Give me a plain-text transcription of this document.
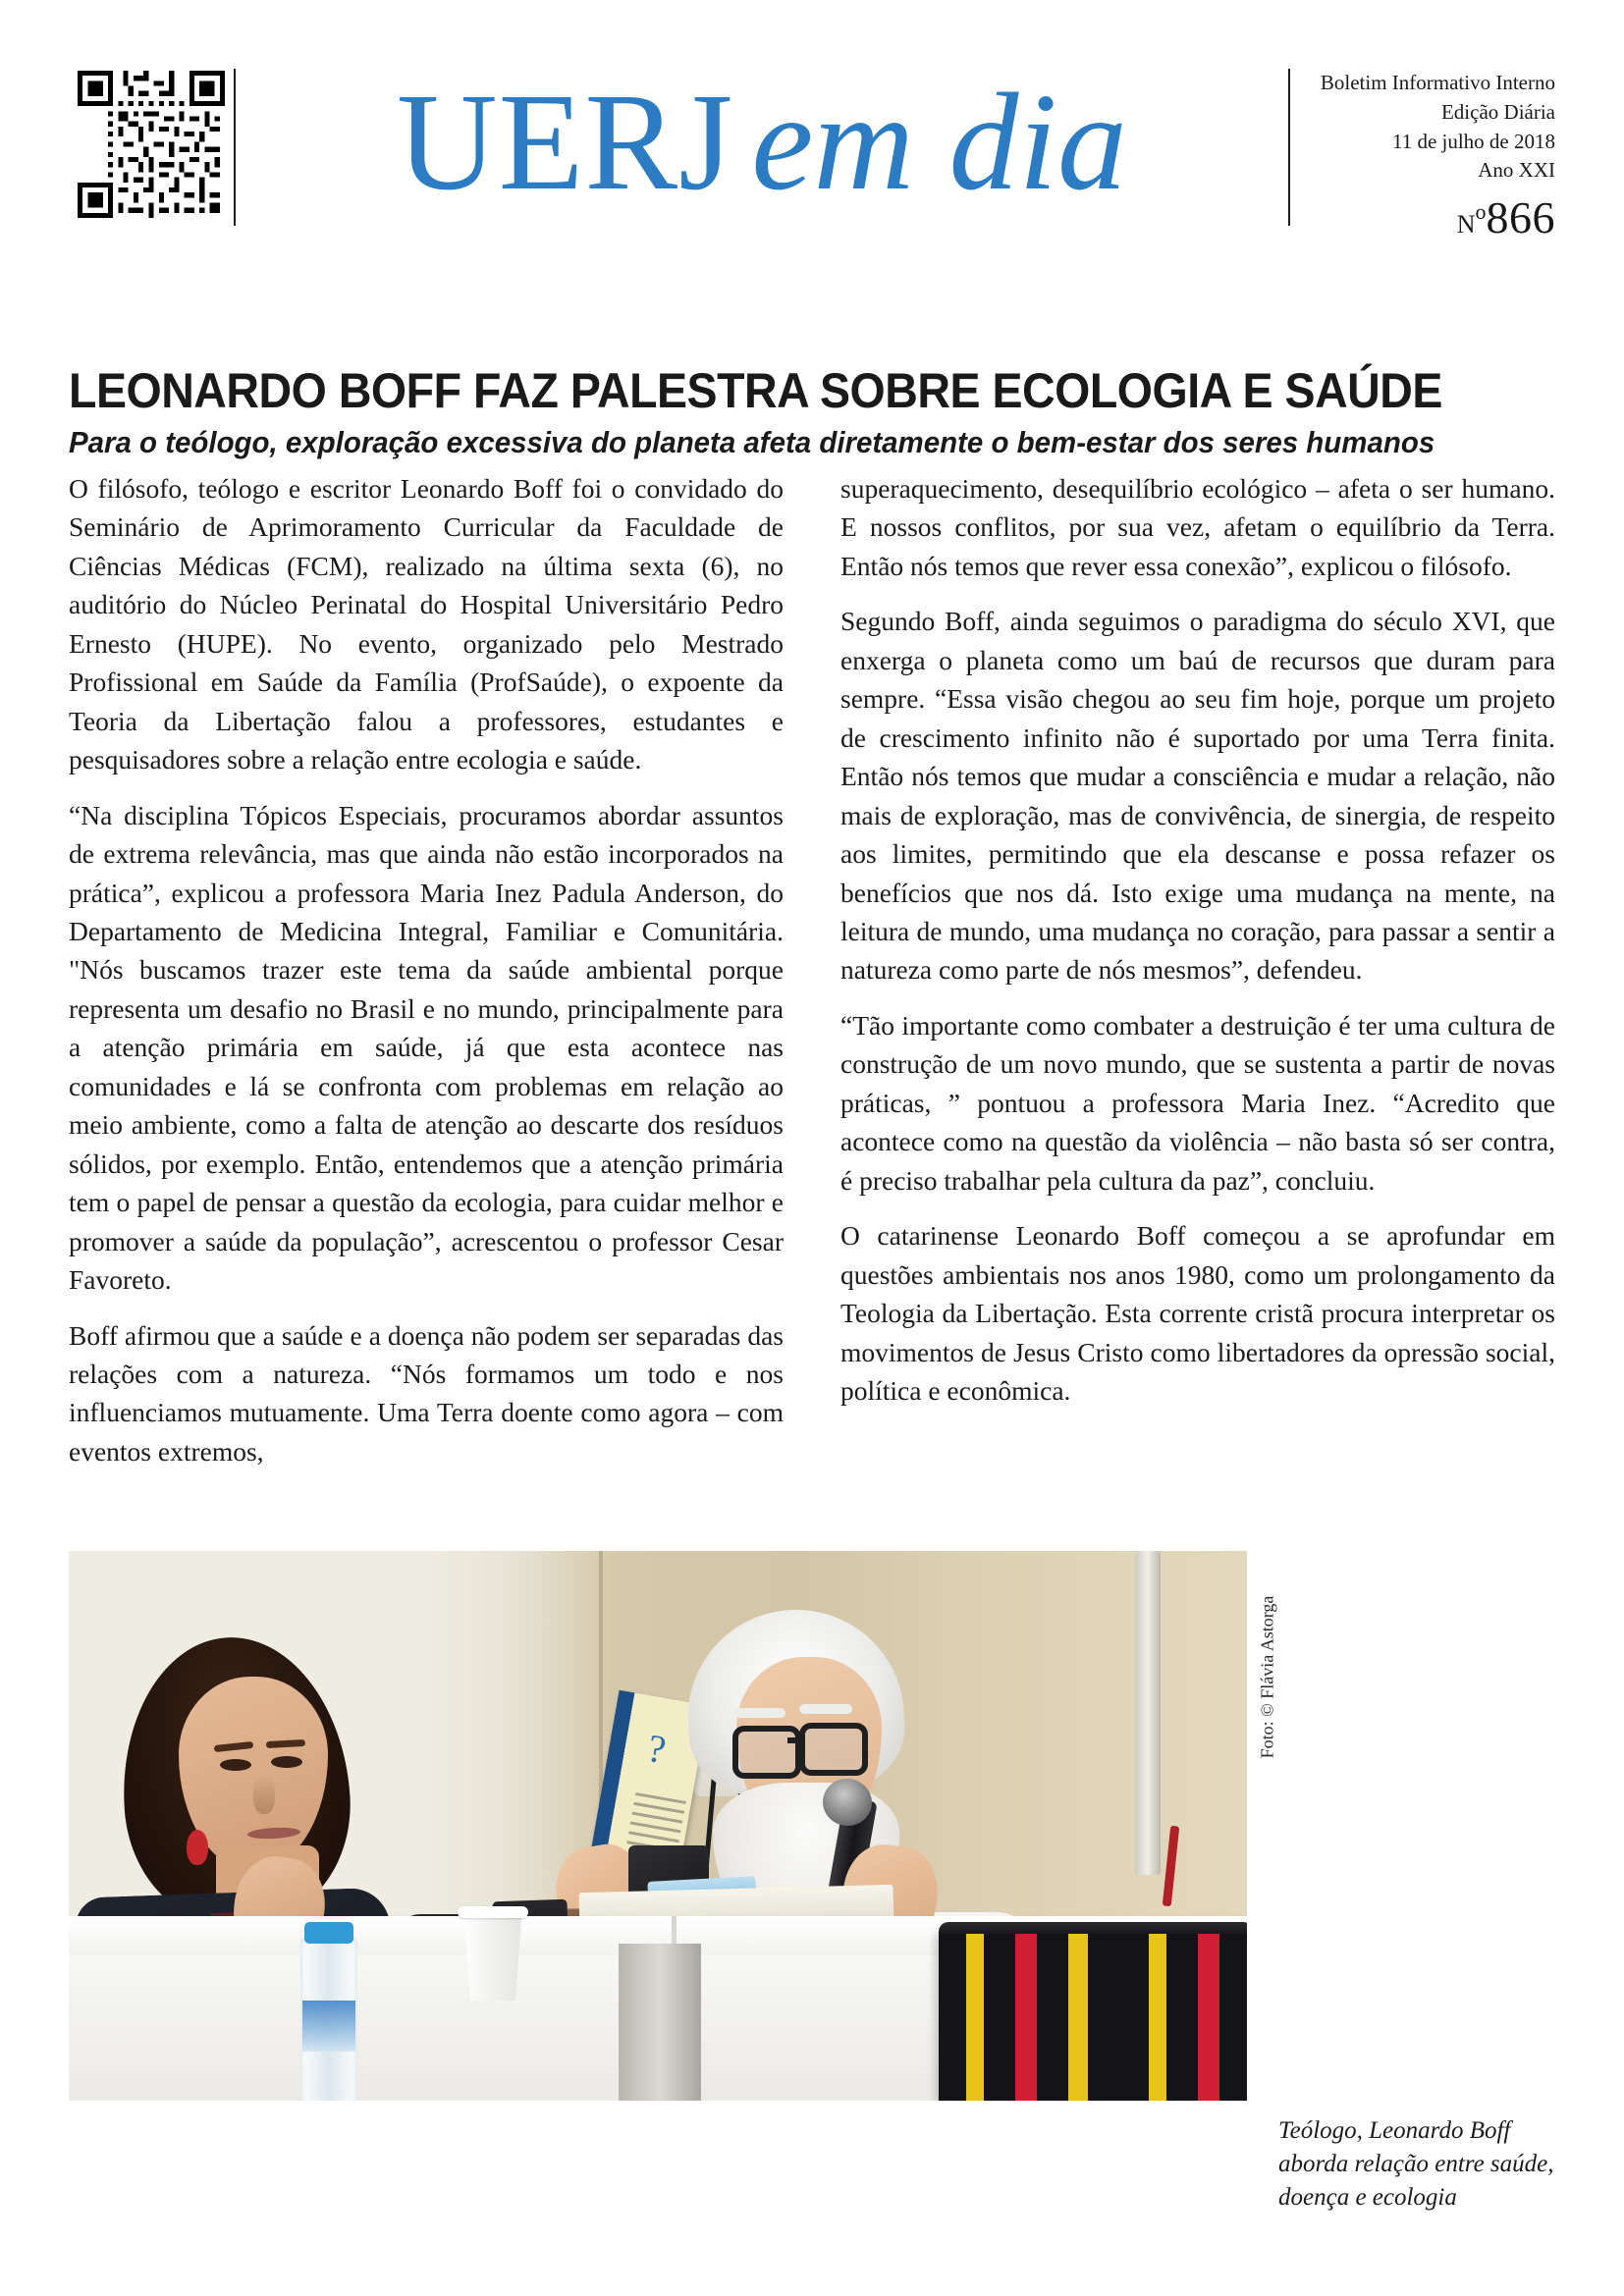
UERJ em dia	Boletim Informativo Interno
Edição Diária
11 de julho de 2018
Ano XXI
No866
LEONARDO BOFF FAZ PALESTRA SOBRE ECOLOGIA E SAÚDE
Para o teólogo, exploração excessiva do planeta afeta diretamente o bem-estar dos seres humanos

O filósofo, teólogo e escritor Leonardo Boff foi o convidado do Seminário de Aprimoramento Curricular da Faculdade de Ciências Médicas (FCM), realizado na última sexta (6), no auditório do Núcleo Perinatal do Hospital Universitário Pedro Ernesto (HUPE). No evento, organizado pelo Mestrado Profissional em Saúde da Família (ProfSaúde), o expoente da Teoria da Libertação falou a professores, estudantes e pesquisadores sobre a relação entre ecologia e saúde.

“Na disciplina Tópicos Especiais, procuramos abordar assuntos de extrema relevância, mas que ainda não estão incorporados na prática”, explicou a professora Maria Inez Padula Anderson, do Departamento de Medicina Integral, Familiar e Comunitária. "Nós buscamos trazer este tema da saúde ambiental porque representa um desafio no Brasil e no mundo, principalmente para a atenção primária em saúde, já que esta acontece nas comunidades e lá se confronta com problemas em relação ao meio ambiente, como a falta de atenção ao descarte dos resíduos sólidos, por exemplo. Então, entendemos que a atenção primária tem o papel de pensar a questão da ecologia, para cuidar melhor e promover a saúde da população”, acrescentou o professor Cesar Favoreto.

Boff afirmou que a saúde e a doença não podem ser separadas das relações com a natureza. “Nós formamos um todo e nos influenciamos mutuamente. Uma Terra doente como agora – com eventos extremos,

superaquecimento, desequilíbrio ecológico – afeta o ser humano. E nossos conflitos, por sua vez, afetam o equilíbrio da Terra. Então nós temos que rever essa conexão”, explicou o filósofo.

Segundo Boff, ainda seguimos o paradigma do século XVI, que enxerga o planeta como um baú de recursos que duram para sempre. “Essa visão chegou ao seu fim hoje, porque um projeto de crescimento infinito não é suportado por uma Terra finita. Então nós temos que mudar a consciência e mudar a relação, não mais de exploração, mas de convivência, de sinergia, de respeito aos limites, permitindo que ela descanse e possa refazer os benefícios que nos dá. Isto exige uma mudança na mente, na leitura de mundo, uma mudança no coração, para passar a sentir a natureza como parte de nós mesmos”, defendeu.

“Tão importante como combater a destruição é ter uma cultura de construção de um novo mundo, que se sustenta a partir de novas práticas, ” pontuou a professora Maria Inez. “Acredito que acontece como na questão da violência – não basta só ser contra, é preciso trabalhar pela cultura da paz”, concluiu.

O catarinense Leonardo Boff começou a se aprofundar em questões ambientais nos anos 1980, como um prolongamento da Teologia da Libertação. Esta corrente cristã procura interpretar os movimentos de Jesus Cristo como libertadores da opressão social, política e econômica.

?	Foto: © Flávia Astorga
Teólogo, Leonardo Boff aborda relação entre saúde, doença e ecologia
